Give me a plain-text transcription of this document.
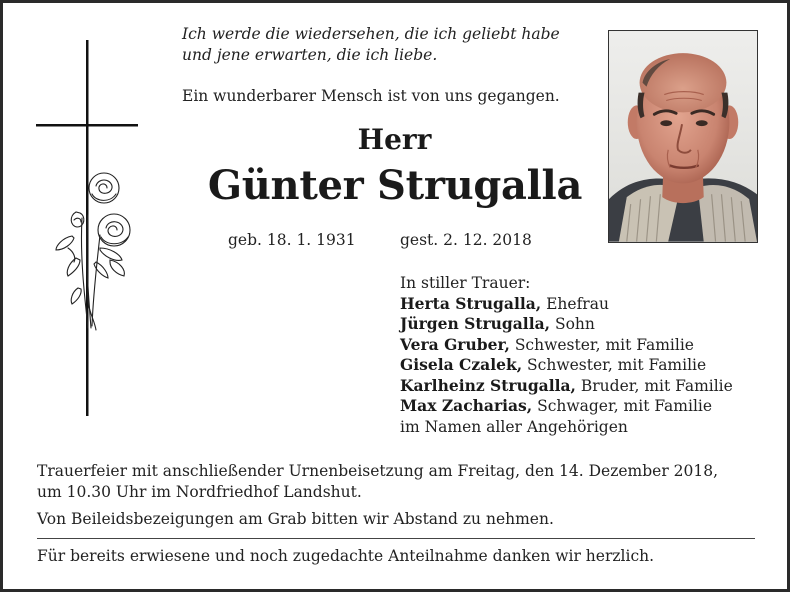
Ich werde die wiedersehen, die ich geliebt habe
und jene erwarten, die ich liebe.
Ein wunderbarer Mensch ist von uns gegangen.
Herr
Günter Strugalla
geb. 18. 1. 1931	gest. 2. 12. 2018
In stiller Trauer:
Herta Strugalla, Ehefrau
Jürgen Strugalla, Sohn
Vera Gruber, Schwester, mit Familie
Gisela Czalek, Schwester, mit Familie
Karlheinz Strugalla, Bruder, mit Familie
Max Zacharias, Schwager, mit Familie
im Namen aller Angehörigen
Trauerfeier mit anschließender Urnenbeisetzung am Freitag, den 14. Dezember 2018,
um 10.30 Uhr im Nordfriedhof Landshut.
Von Beileidsbezeigungen am Grab bitten wir Abstand zu nehmen.
Für bereits erwiesene und noch zugedachte Anteilnahme danken wir herzlich.
